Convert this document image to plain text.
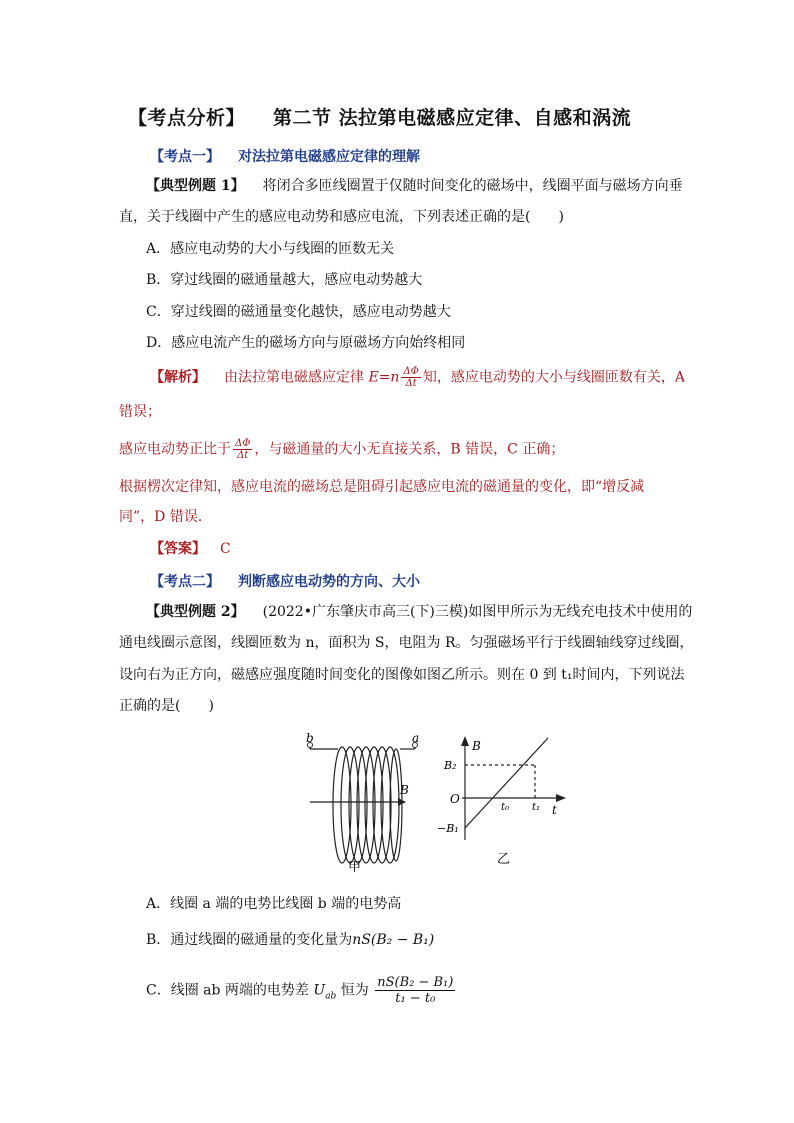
【考点分析】 第二节 法拉第电磁感应定律、自感和涡流
【考点一】 对法拉第电磁感应定律的理解
【典型例题 1】 将闭合多匝线圈置于仅随时间变化的磁场中，线圈平面与磁场方向垂
直，关于线圈中产生的感应电动势和感应电流，下列表述正确的是(　　)
A．感应电动势的大小与线圈的匝数无关
B．穿过线圈的磁通量越大，感应电动势越大
C．穿过线圈的磁通量变化越快，感应电动势越大
D．感应电流产生的磁场方向与原磁场方向始终相同
【解析】 由法拉第电磁感应定律 $E=n \frac{\Delta\Phi}{\Delta t}$ 知，感应电动势的大小与线圈匝数有关，A
错误；
感应电动势正比于 $\frac{\Delta\Phi}{\Delta t}$ ，与磁通量的大小无直接关系，B 错误，C 正确；
根据楞次定律知，感应电流的磁场总是阻碍引起感应电流的磁通量的变化，即“增反减
同”，D 错误．
【答案】 C
【考点二】 判断感应电动势的方向、大小
【典型例题 2】 (2022•广东肇庆市高三(下)三模)如图甲所示为无线充电技术中使用的
通电线圈示意图，线圈匝数为 n，面积为 S，电阻为 R。匀强磁场平行于线圈轴线穿过线圈，
设向右为正方向，磁感应强度随时间变化的图像如图乙所示。则在 0 到 t₁时间内，下列说法
正确的是(　　)
b	a
B
甲
B
t
O
B₂
−B₁
t₀ t₁
乙
A．线圈 a 端的电势比线圈 b 端的电势高
B．通过线圈的磁通量的变化量为nS(B₂ − B₁)
C．线圈 ab 两端的电势差 $U_{ab}$ 恒为 $\frac{\text{nS(B₂ − B₁)}}{\text{t₁ − t₀}}$
